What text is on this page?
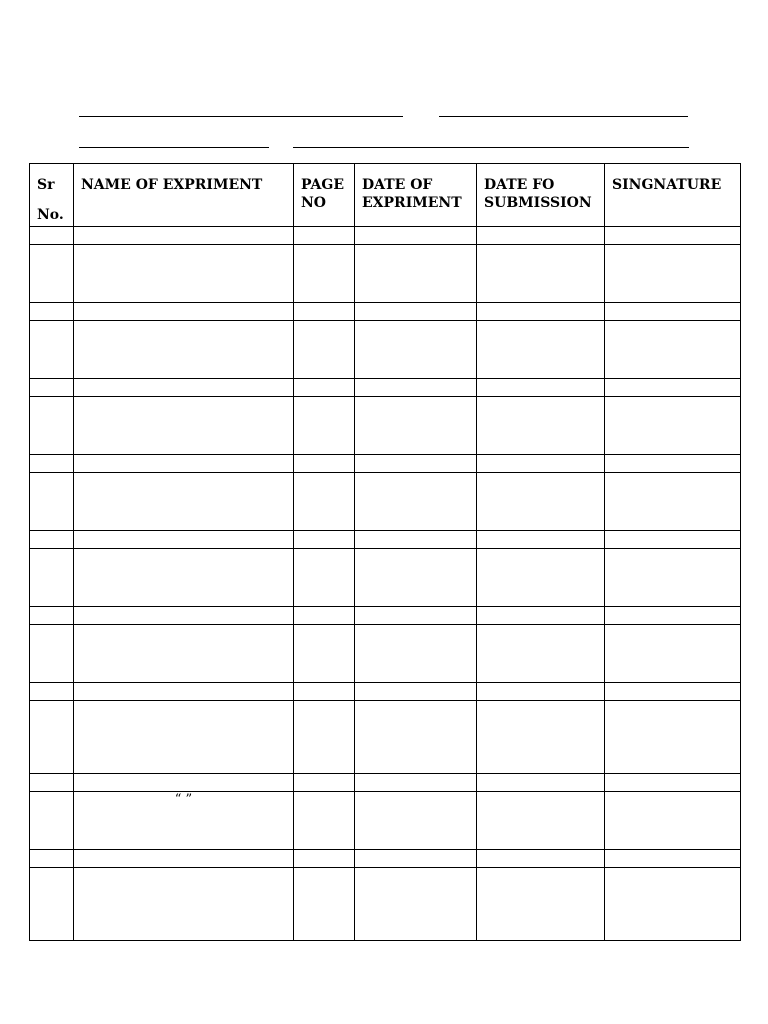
Sr
No.	NAME OF EXPRIMENT	PAGE NO	DATE OF EXPRIMENT	DATE FO SUBMISSION	SINGNATURE

	“ ”				
